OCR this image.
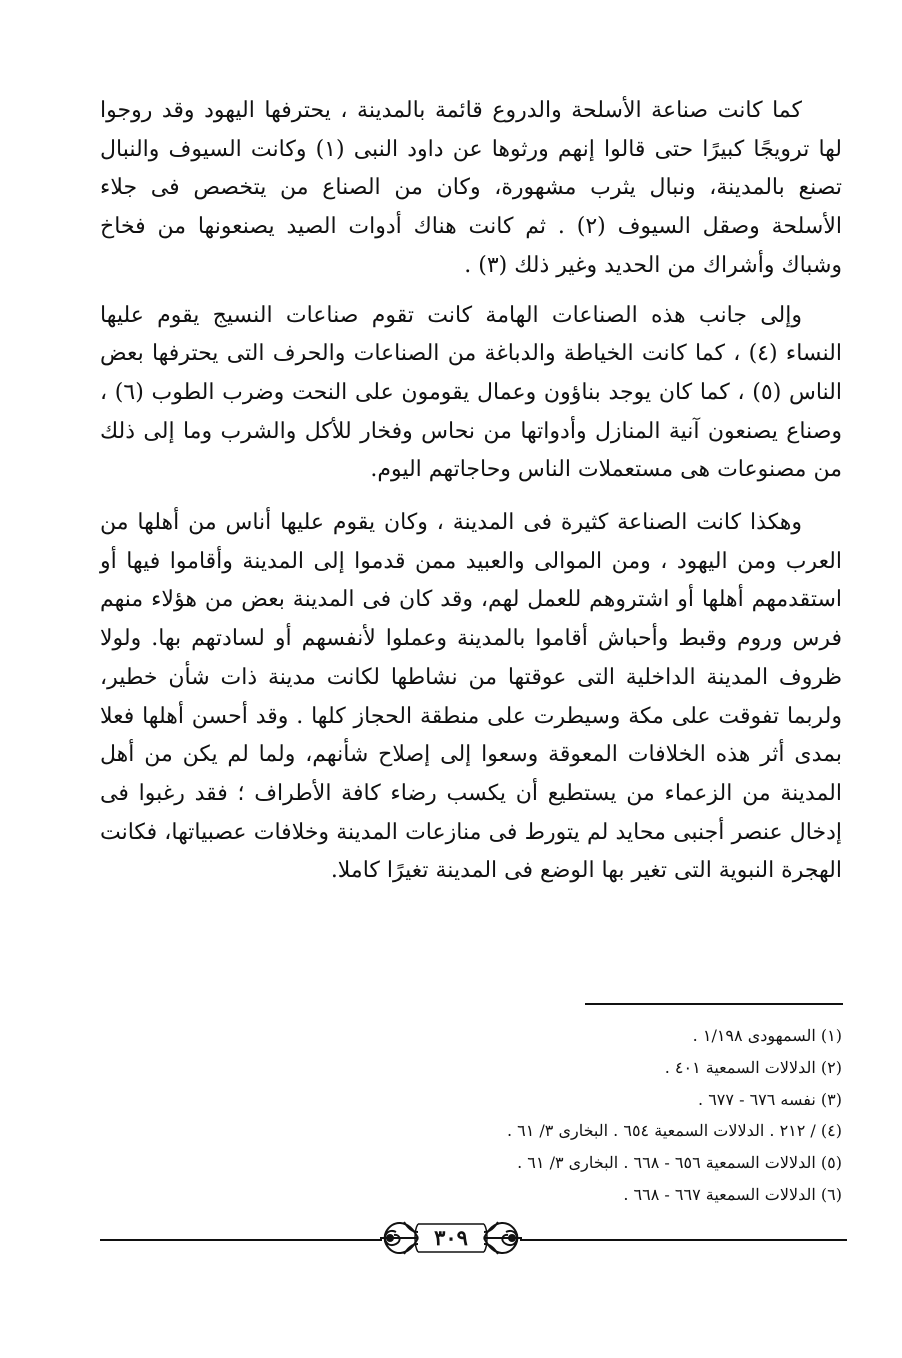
كما كانت صناعة الأسلحة والدروع قائمة بالمدينة ، يحترفها اليهود وقد روجوا لها ترويجًا كبيرًا حتى قالوا إنهم ورثوها عن داود النبى (١) وكانت السيوف والنبال تصنع بالمدينة، ونبال يثرب مشهورة، وكان من الصناع من يتخصص فى جلاء الأسلحة وصقل السيوف (٢) . ثم كانت هناك أدوات الصيد يصنعونها من فخاخ وشباك وأشراك من الحديد وغير ذلك (٣) .

وإلى جانب هذه الصناعات الهامة كانت تقوم صناعات النسيج يقوم عليها النساء (٤) ، كما كانت الخياطة والدباغة من الصناعات والحرف التى يحترفها بعض الناس (٥) ، كما كان يوجد بناؤون وعمال يقومون على النحت وضرب الطوب (٦) ، وصناع يصنعون آنية المنازل وأدواتها من نحاس وفخار للأكل والشرب وما إلى ذلك من مصنوعات هى مستعملات الناس وحاجاتهم اليوم.

وهكذا كانت الصناعة كثيرة فى المدينة ، وكان يقوم عليها أناس من أهلها من العرب ومن اليهود ، ومن الموالى والعبيد ممن قدموا إلى المدينة وأقاموا فيها أو استقدمهم أهلها أو اشتروهم للعمل لهم، وقد كان فى المدينة بعض من هؤلاء منهم فرس وروم وقبط وأحباش أقاموا بالمدينة وعملوا لأنفسهم أو لسادتهم بها. ولولا ظروف المدينة الداخلية التى عوقتها من نشاطها لكانت مدينة ذات شأن خطير، ولربما تفوقت على مكة وسيطرت على منطقة الحجاز كلها . وقد أحسن أهلها فعلا بمدى أثر هذه الخلافات المعوقة وسعوا إلى إصلاح شأنهم، ولما لم يكن من أهل المدينة من الزعماء من يستطيع أن يكسب رضاء كافة الأطراف ؛ فقد رغبوا فى إدخال عنصر أجنبى محايد لم يتورط فى منازعات المدينة وخلافات عصبياتها، فكانت الهجرة النبوية التى تغير بها الوضع فى المدينة تغيرًا كاملا.

(١) السمهودى ١/١٩٨ .
(٢) الدلالات السمعية ٤٠١ .
(٣) نفسه ٦٧٦ - ٦٧٧ .
(٤) / ٢١٢ . الدلالات السمعية ٦٥٤ . البخارى ٣/ ٦١ .
(٥) الدلالات السمعية ٦٥٦ - ٦٦٨ . البخارى ٣/ ٦١ .
(٦) الدلالات السمعية ٦٦٧ - ٦٦٨ .
٣٠٩
